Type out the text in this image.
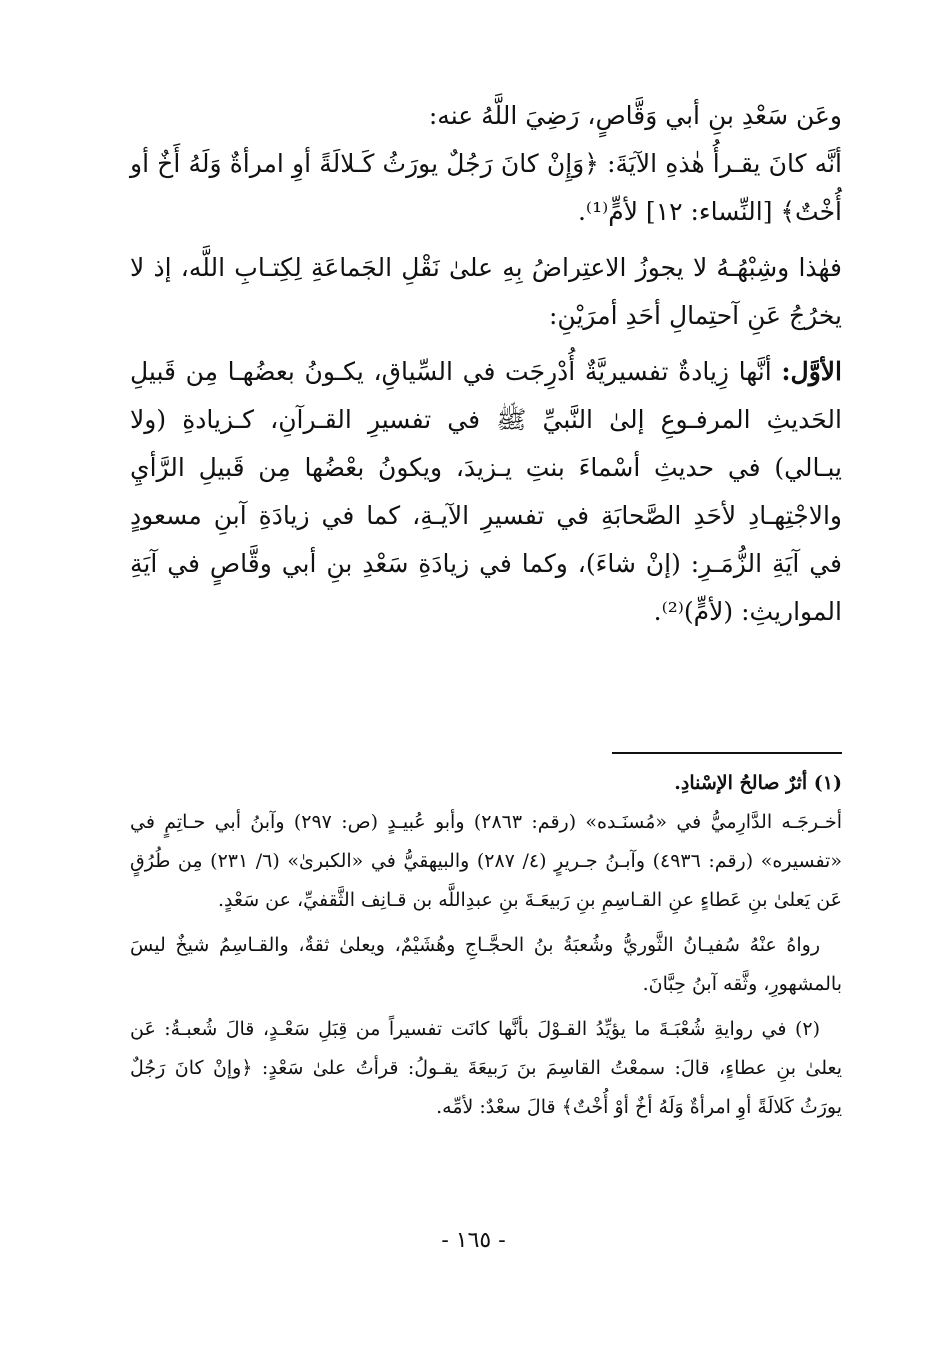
وعَن سَعْدِ بنِ أبي وَقَّاصٍ، رَضِيَ اللَّهُ عنه:

أنَّه كانَ يقـرأُ هٰذهِ الآيَةَ: ﴿وَإِنْ كانَ رَجُلٌ يورَثُ كَـلالَةً أوِ امرأةٌ وَلَهُ أَخٌ أو أُخْتٌ﴾ [النِّساء: ١٢] لأمٍّ⁽¹⁾.

فهٰذا وشِبْهُـهُ لا يجوزُ الاعتِراضُ بِهِ علىٰ نَقْلِ الجَماعَةِ لِكِتـابِ اللَّه، إذ لا يخرُجُ عَنِ آحتِمالِ أحَدِ أمرَيْنِ:

الأوَّل: أنَّها زِيادةٌ تفسيريَّةٌ أُدْرِجَت في السِّياقِ، يكـونُ بعضُهـا مِن قَبيلِ الحَديثِ المرفـوعِ إلىٰ النَّبيِّ ﷺ في تفسيرِ القـرآنِ، كـزيادةِ (ولا يبـالي) في حديثِ أسْماءَ بنتِ يـزيدَ، ويكونُ بعْضُها مِن قَبيلِ الرَّأيِ والاجْتِهـادِ لأحَدِ الصَّحابَةِ في تفسيرِ الآيـةِ، كما في زيادَةِ آبنِ مسعودٍ في آيَةِ الزُّمَـرِ: (إنْ شاءَ)، وكما في زيادَةِ سَعْدِ بنِ أبي وقَّاصٍ في آيَةِ المواريثِ: (لأمٍّ)⁽²⁾.

(١) أثرٌ صالحُ الإسْنادِ.

أخـرجَـه الدَّارِميُّ في «مُسنَـده» (رقم: ٢٨٦٣) وأبو عُبيـدٍ (ص: ٢٩٧) وآبنُ أبي حـاتِمٍ في «تفسيره» (رقم: ٤٩٣٦) وآبـنُ جـريرٍ (٤/ ٢٨٧) والبيهقيُّ في «الكبرىٰ» (٦/ ٢٣١) مِن طُرُقٍ عَن يَعلىٰ بنِ عَطاءٍ عنِ القـاسِمِ بنِ رَبيعَـةَ بنِ عبدِاللَّه بن قـانِف الثَّقفيِّ، عن سَعْدٍ.

رواهُ عنْهُ سُفيـانُ الثَّوريُّ وشُعبَةُ بنُ الحجَّـاجِ وهُشَيْمٌ، ويعلىٰ ثقةٌ، والقـاسِمُ شيخٌ ليسَ بالمشهورِ، وثَّقه آبنُ حِبَّانَ.

(٢) في روايةِ شُعْبَـةَ ما يؤيِّدُ القـوْلَ بأنَّها كانَت تفسيراً من قِبَلِ سَعْـدٍ، قالَ شُعبـةُ: عَن يعلىٰ بنِ عطاءٍ، قالَ: سمعْتُ القاسِمَ بنَ رَبيعَةَ يقـولُ: قرأتُ علىٰ سَعْدٍ: ﴿وإنْ كانَ رَجُلٌ يورَثُ كَلالَةً أوِ امرأةٌ وَلَهُ أخٌ أوْ أُخْتٌ﴾ قالَ سعْدٌ: لأمِّه.

- ١٦٥ -
